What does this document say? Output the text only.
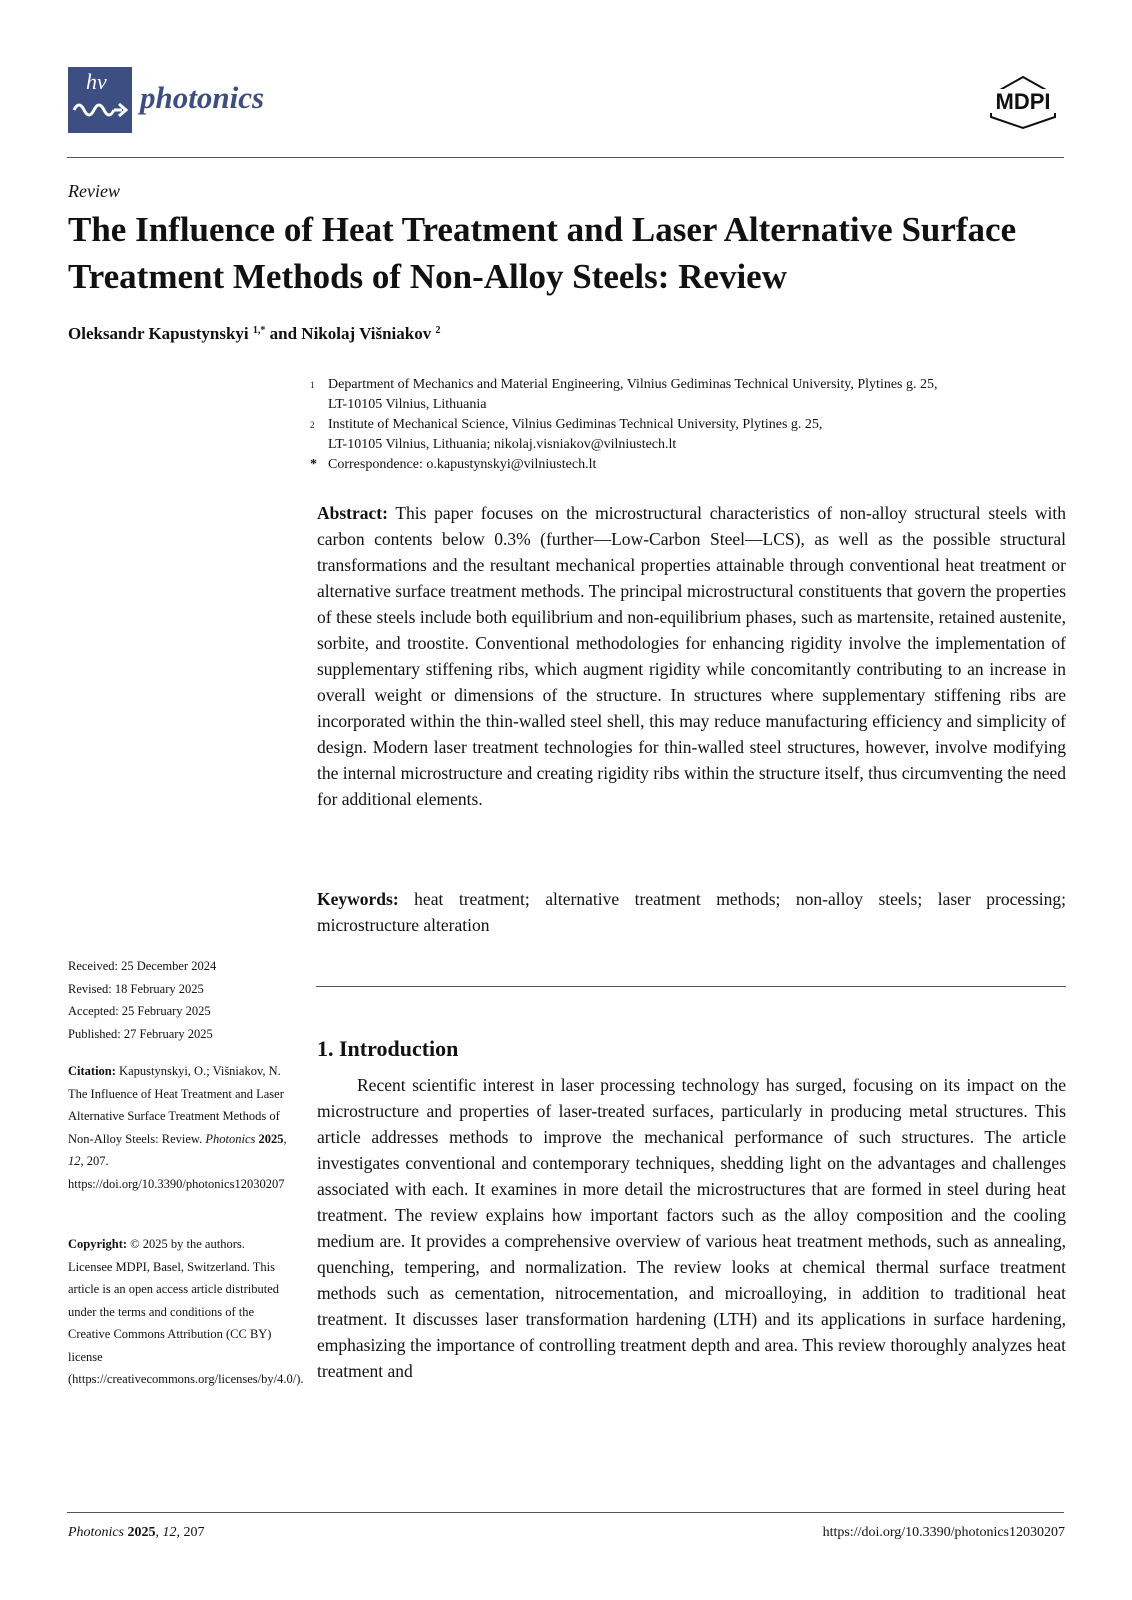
hv photonics	MDPI
Review
The Influence of Heat Treatment and Laser Alternative Surface
Treatment Methods of Non-Alloy Steels: Review
Oleksandr Kapustynskyi $^{1,*}$ and Nikolaj Višniakov $^2$
1 Department of Mechanics and Material Engineering, Vilnius Gediminas Technical University, Plytines g. 25,
LT-10105 Vilnius, Lithuania
2 Institute of Mechanical Science, Vilnius Gediminas Technical University, Plytines g. 25,
LT-10105 Vilnius, Lithuania; nikolaj.visniakov@vilniustech.lt
* Correspondence: o.kapustynskyi@vilniustech.lt
Abstract: This paper focuses on the microstructural characteristics of non-alloy structural steels with carbon contents below 0.3% (further—Low-Carbon Steel—LCS), as well as the possible structural transformations and the resultant mechanical properties attainable through conventional heat treatment or alternative surface treatment methods. The principal microstructural constituents that govern the properties of these steels include both equilibrium and non-equilibrium phases, such as martensite, retained austenite, sorbite, and troostite. Conventional methodologies for enhancing rigidity involve the implementation of supplementary stiffening ribs, which augment rigidity while concomitantly contributing to an increase in overall weight or dimensions of the structure. In structures where supplementary stiffening ribs are incorporated within the thin-walled steel shell, this may reduce manufacturing efficiency and simplicity of design. Modern laser treatment technologies for thin-walled steel structures, however, involve modifying the internal microstructure and creating rigidity ribs within the structure itself, thus circumventing the need for additional elements.
Keywords: heat treatment; alternative treatment methods; non-alloy steels; laser processing; microstructure alteration
Received: 25 December 2024
Revised: 18 February 2025
Accepted: 25 February 2025
Published: 27 February 2025
Citation: Kapustynskyi, O.; Višniakov, N. The Influence of Heat Treatment and Laser Alternative Surface Treatment Methods of Non-Alloy Steels: Review. Photonics 2025, 12, 207. https://doi.org/10.3390/photonics12030207
Copyright: © 2025 by the authors. Licensee MDPI, Basel, Switzerland. This article is an open access article distributed under the terms and conditions of the Creative Commons Attribution (CC BY) license (https://creativecommons.org/licenses/by/4.0/).
1. Introduction
Recent scientific interest in laser processing technology has surged, focusing on its impact on the microstructure and properties of laser-treated surfaces, particularly in producing metal structures. This article addresses methods to improve the mechanical performance of such structures. The article investigates conventional and contemporary techniques, shedding light on the advantages and challenges associated with each. It examines in more detail the microstructures that are formed in steel during heat treatment. The review explains how important factors such as the alloy composition and the cooling medium are. It provides a comprehensive overview of various heat treatment methods, such as annealing, quenching, tempering, and normalization. The review looks at chemical thermal surface treatment methods such as cementation, nitrocementation, and microalloying, in addition to traditional heat treatment. It discusses laser transformation hardening (LTH) and its applications in surface hardening, emphasizing the importance of controlling treatment depth and area. This review thoroughly analyzes heat treatment and
Photonics 2025, 12, 207	https://doi.org/10.3390/photonics12030207
